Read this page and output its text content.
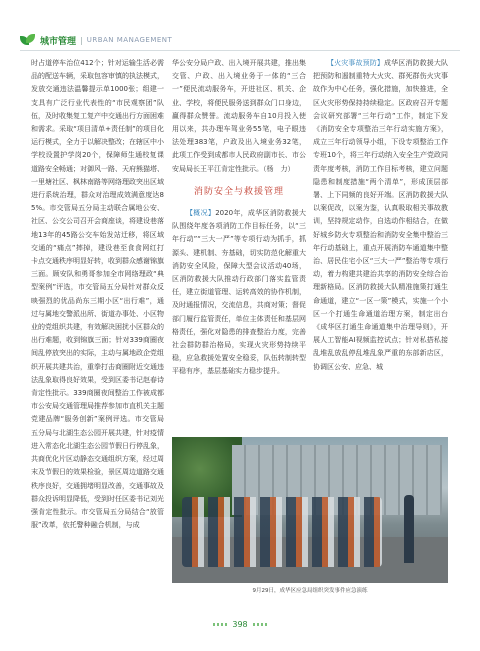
城市管理 | URBAN MANAGEMENT

时占道停车治位412个；针对运输生活必需品的配送车辆，采取包容审慎的执法模式，发放交通违法温馨提示单1000张；组建一支具有广泛行业代表性的“市民观察团”队伍，及时收集复工复产中交通出行方面困难和需求。采取“项目清单+责任制”的项目化运行模式，全力于以解决整改；在辖区中小学校设置护学岗20个，保障师生通校复课道路安全畅通；对御风一路、天府熊猫塔、一里塘社区、枫林南路等网络理政突出区域进行系统治理，群众对治理成效满意度达85%。市交管局五分局主动联合属地公安、社区、公交公司召开会商座谈，将建设巷落地13年的45路公交车始发站迁移，将区域交通的“痛点”摔掉，建设巷至食食网红打卡点交通秩序明显好转，收到群众感谢锦旗三面。顾安队和勇哥参加全市网络理政“典型案例”评选，市交管局五分局针对群众反映强烈的优品尚东三期小区“出行难”，通过与属地交警派出所、街道办事处、小区物业的党组织共建，有效解决困扰小区群众的出行难题，收到锦旗三面；针对339商圈夜间乱停放突出的实际，主动与属地政企党组织开展共建共治，重拳打击商圈附近交通违法乱象取得良好效果，受到区委书记赵春诗肯定性批示。339商圈夜间整治工作被成都市公安局交通管理局推荐参加市直机关主题党建品牌“服务创新”案例评选。市交管局五分局与北湖生态公园开展共建，针对疫情进入常态化北湖生态公园节假日行停乱象，共商优化片区动静态交通组织方案，经过周末及节假日的效果检验，景区周边道路交通秩序良好，交通拥堵明显改善，交通事故及群众投诉明显降低，受到时任区委书记刘光强肯定性批示。市交管局五分局结合“放管服”改革，依托警种融合机制，与成

华公安分局户政、出入境开展共建，推出集交管、户政、出入境业务于一体的“三合一”便民流动服务车，开进社区、机关、企业、学校，将便民服务送到群众门口身边，赢得群众赞誉。流动服务车自10月投入使用以来，共办理车驾业务55笔，电子眼违法处理383笔，户政及出入境业务32笔，此项工作受到成都市人民政府副市长、市公安局局长王平江肯定性批示。（杨　力）

消防安全与救援管理

【概况】2020年，成华区消防救援大队围绕年度各项消防工作目标任务，以“三年行动”“三大一严”等专项行动为抓手，抓源头、建机制、夯基础，切实防范化解重大消防安全风险，保障大型会议活动40场，区消防救援大队推动行政部门落实监管责任，建立街道管理、运转高效的协作机制，及时通报情况，交流信息，共商对策；督促部门履行监管责任，单位主体责任和基层网格责任，强化对隐患的排查整治力度，完善社会群防群治格局，实现火灾形势持续平稳，应急救援处置安全稳妥，队伍转制转型平稳有序，基层基础实力稳步提升。

【火灾事故预防】成华区消防救援大队把预防和遏制重特大火灾、群死群伤火灾事故作为中心任务，强化措施，加快推进，全区火灾形势保持持续稳定。区政府召开专题会议研究部署“三年行动”工作，制定下发《消防安全专项整治三年行动实施方案》，成立三年行动领导小组，下设专项整治工作专班10个，将三年行动纳入安全生产党政同责年度考核，消防工作目标考核，建立问题隐患和制度措施“两个清单”，形成顶层部署、上下同频的良好开端。区消防救援大队以案促改，以案为鉴，认真吸取相关事故教训，坚持规定动作，自选动作相结合，在做好城乡防火专项整治和消防安全集中整治三年行动基础上，重点开展消防车通道集中整治、居民住宅小区“三大一严”整治等专项行动，着力构建共建治共享的消防安全综合治理新格局。区消防救援大队精准施策打通生命通道，建立“一区一策”模式，实施一个小区一个打通生命通道治理方案，制定出台《成华区打通生命通道集中治理导则》，开展人工智能AI视频监控试点；针对私搭私接乱堆乱放乱停乱堆乱象严重的东部新店区，协调区公安、应急、城

9月29日，成华区应急局组织突发事件应急演练
398
